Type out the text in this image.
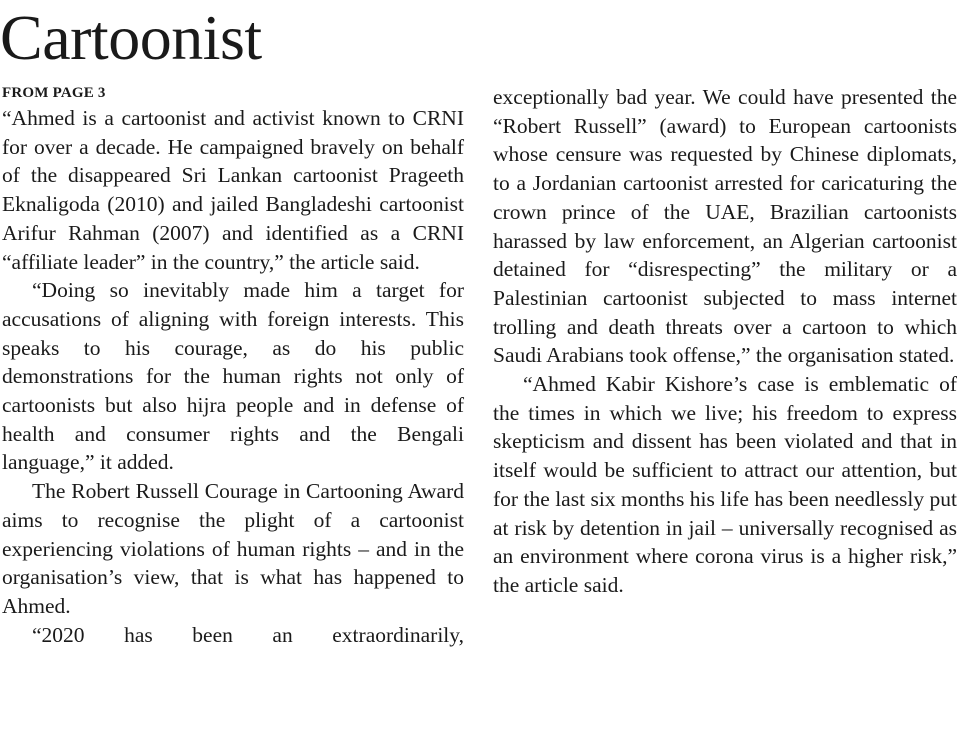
Cartoonist
FROM PAGE 3

“Ahmed is a cartoonist and activist known to CRNI for over a decade. He campaigned bravely on behalf of the disappeared Sri Lankan cartoonist Prageeth Eknaligoda (2010) and jailed Bangladeshi cartoonist Arifur Rahman (2007) and identified as a CRNI “affiliate leader” in the country,” the article said.

“Doing so inevitably made him a target for accusations of aligning with foreign interests. This speaks to his courage, as do his public demonstrations for the human rights not only of cartoonists but also hijra people and in defense of health and consumer rights and the Bengali language,” it added.

The Robert Russell Courage in Cartooning Award aims to recognise the plight of a cartoonist experiencing violations of human rights – and in the organisation’s view, that is what has happened to Ahmed.

“2020 has been an extraordinarily,

exceptionally bad year. We could have presented the “Robert Russell” (award) to European cartoonists whose censure was requested by Chinese diplomats, to a Jordanian cartoonist arrested for caricaturing the crown prince of the UAE, Brazilian cartoonists harassed by law enforcement, an Algerian cartoonist detained for “disrespecting” the military or a Palestinian cartoonist subjected to mass internet trolling and death threats over a cartoon to which Saudi Arabians took offense,” the organisation stated.

“Ahmed Kabir Kishore’s case is emblematic of the times in which we live; his freedom to express skepticism and dissent has been violated and that in itself would be sufficient to attract our attention, but for the last six months his life has been needlessly put at risk by detention in jail – universally recognised as an environment where corona virus is a higher risk,” the article said.
